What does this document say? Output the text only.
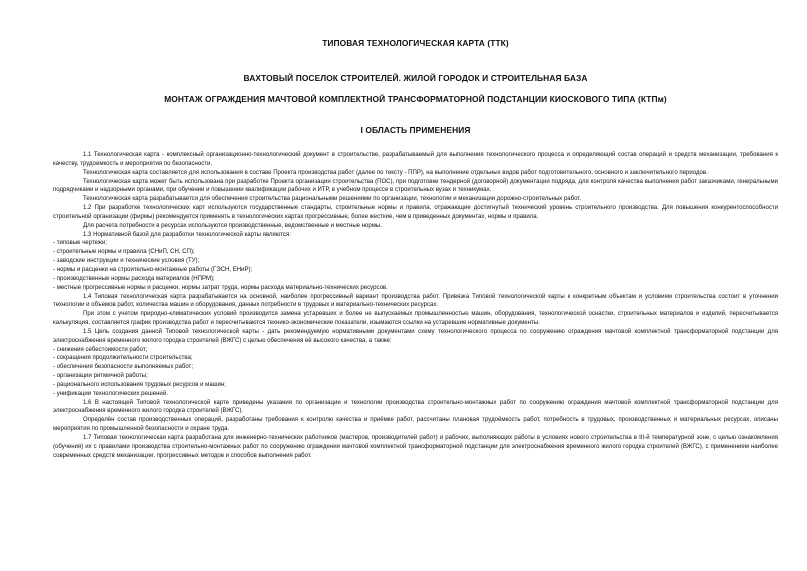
ТИПОВАЯ ТЕХНОЛОГИЧЕСКАЯ КАРТА (ТТК)
ВАХТОВЫЙ ПОСЕЛОК СТРОИТЕЛЕЙ. ЖИЛОЙ ГОРОДОК И СТРОИТЕЛЬНАЯ БАЗА
МОНТАЖ ОГРАЖДЕНИЯ МАЧТОВОЙ КОМПЛЕКТНОЙ ТРАНСФОРМАТОРНОЙ ПОДСТАНЦИИ КИОСКОВОГО ТИПА (КТПм)
I ОБЛАСТЬ ПРИМЕНЕНИЯ

1.1 Технологическая карта - комплексный организационно-технологический документ в строительстве, разрабатываемый для выполнения технологического процесса и определяющий состав операций и средств механизации, требования к качеству, трудоемкость и мероприятия по безопасности.

Технологическая карта составляется для использования в составе Проекта производства работ (далее по тексту - ППР), на выполнение отдельных видов работ подготовительного, основного и заключительного периодов.

Технологическая карта может быть использована при разработке Проекта организации строительства (ПОС), при подготовке тендерной (договорной) документации подряда, для контроля качества выполнения работ заказчиками, генеральными подрядчиками и надзорными органами, при обучении и повышении квалификации рабочих и ИТР, в учебном процессе в строительных вузах и техникумах.

Технологическая карта разрабатывается для обеспечения строительства рациональными решениями по организации, технологии и механизации дорожно-строительных работ.

1.2 При разработке технологических карт используются государственные стандарты, строительные нормы и правила, отражающие достигнутый технический уровень строительного производства. Для повышения конкурентоспособности строительной организации (фирмы) рекомендуется применять в технологических картах прогрессивные, более жесткие, чем в приведенных документах, нормы и правила.

Для расчета потребности в ресурсах используются производственные, ведомственные и местные нормы.

1.3 Нормативной базой для разработки технологической карты являются:

- типовые чертежи;

- строительные нормы и правила (СНиП, СН, СП);

- заводские инструкции и технические условия (ТУ);

- нормы и расценки на строительно-монтажные работы (ГЭСН, ЕНиР);

- производственные нормы расхода материалов (НПРМ);

- местные прогрессивные нормы и расценки, нормы затрат труда, нормы расхода материально-технических ресурсов.

1.4 Типовая технологическая карта разрабатывается на основной, наиболее прогрессивный вариант производства работ. Привязка Типовой технологической карты к конкретным объектам и условиям строительства состоит в уточнении технологии и объемов работ, количества машин и оборудования, данных потребности в трудовых и материально-технических ресурсах.

При этом с учетом природно-климатических условий производится замена устаревших и более не выпускаемых промышленностью машин, оборудования, технологической оснастки, строительных материалов и изделий, пересчитывается калькуляция, составляется график производства работ и пересчитываются технико-экономические показатели, изымаются ссылки на устаревшие нормативные документы.

1.5 Цель создания данной Типовой технологической карты - дать рекомендуемую нормативными документами схему технологического процесса по сооружению ограждения мачтовой комплектной трансформаторной подстанции для электроснабжения временного жилого городка строителей (ВЖГС) с целью обеспечения её высокого качества, а также:

- снижения себестоимости работ;

- сокращения продолжительности строительства;

- обеспечения безопасности выполняемых работ;

- организации ритмичной работы;

- рационального использования трудовых ресурсов и машин;

- унификации технологических решений.

1.6 В настоящей Типовой технологической карте приведены указания по организации и технологии производства строительно-монтажных работ по сооружению ограждения мачтовой комплектной трансформаторной подстанции для электроснабжения временного жилого городка строителей (ВЖГС).

Определён состав производственных операций, разработаны требования к контролю качества и приёмке работ, рассчитаны плановая трудоёмкость работ, потребность в трудовых, производственных и материальных ресурсах, описаны мероприятия по промышленной безопасности и охране труда.

1.7 Типовая технологическая карта разработана для инженерно-технических работников (мастеров, производителей работ) и рабочих, выполняющих работы в условиях нового строительства в III-й температурной зоне, с целью ознакомления (обучения) их с правилами производства строительно-монтажных работ по сооружению ограждения мачтовой комплектной трансформаторной подстанции для электроснабжения временного жилого городка строителей (ВЖГС), с применением наиболее современных средств механизации, прогрессивных методов и способов выполнения работ.
